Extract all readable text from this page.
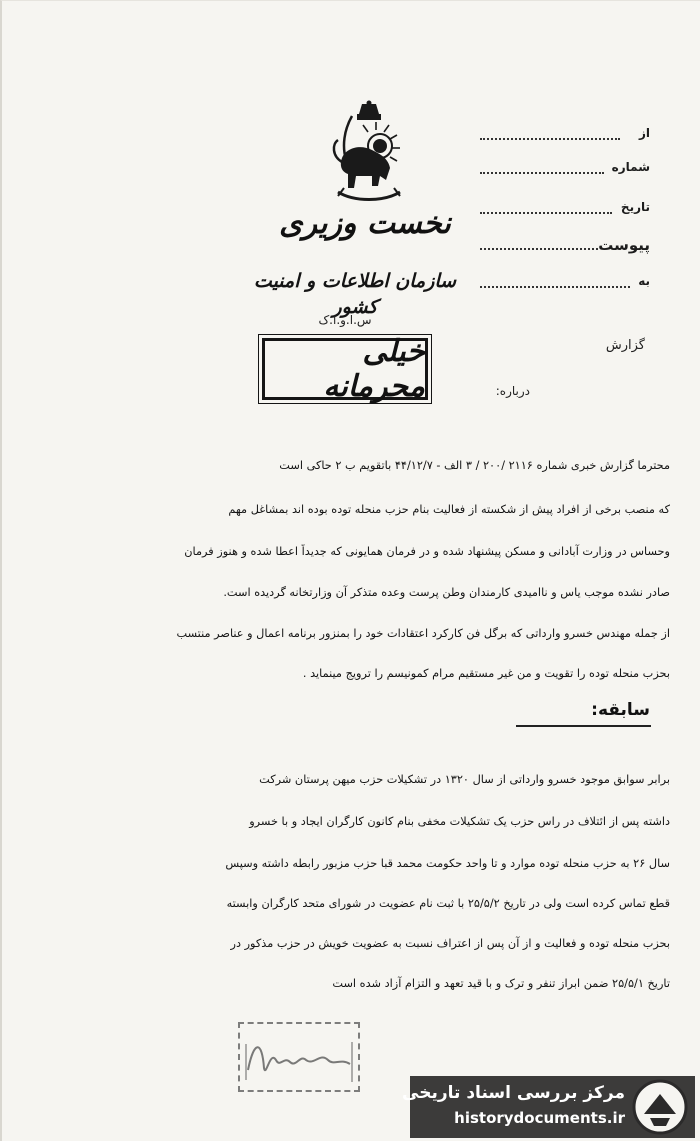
نخست وزیری
سازمان اطلاعات و امنیت کشور
س.ا.و.ا.ک
از
شماره
تاریخ
پیوست
به
گزارش
خیلی محرمانه	درباره:
محترما گزارش خبری شماره ۲۱۱۶ /۲۰۰ / ۳ الف - ۴۴/۱۲/۷ باتقویم ب ۲ حاکی است
که منصب برخی از افراد پیش از شکسته از فعالیت بنام حزب منحله توده بوده اند بمشاغل مهم
وحساس در وزارت آبادانی و مسکن پیشنهاد شده و در فرمان همایونی که جدیداً اعطا شده و هنوز فرمان
صادر نشده موجب یاس و ناامیدی کارمندان وطن پرست وعده متذکر آن وزارتخانه گردیده است.
از جمله مهندس خسرو وارداتی که برگل فن کارکرد اعتقادات خود را بمنزور برنامه اعمال و عناصر منتسب
بحزب منحله توده را تقویت و من غیر مستقیم مرام کمونیسم را ترویج مینماید .
سابقه:
برابر سوابق موجود خسرو وارداتی از سال ۱۳۲۰ در تشکیلات حزب میهن پرستان شرکت
داشته پس از ائتلاف در راس حزب یک تشکیلات مخفی بنام کانون کارگران ایجاد و با خسرو
سال ۲۶ به حزب منحله توده موارد و تا واحد حکومت محمد قبا حزب مزبور رابطه داشته وسپس
قطع تماس کرده است ولی در تاریخ ۲۵/۵/۲ با ثبت نام عضویت در شورای متحد کارگران وابسته
بحزب منحله توده و فعالیت و از آن پس از اعتراف نسبت به عضویت خویش در حزب مذکور در
تاریخ ۲۵/۵/۱ ضمن ابراز تنفر و ترک و با قید تعهد و التزام آزاد شده است
مرکز بررسی اسناد تاریخی
historydocuments.ir
